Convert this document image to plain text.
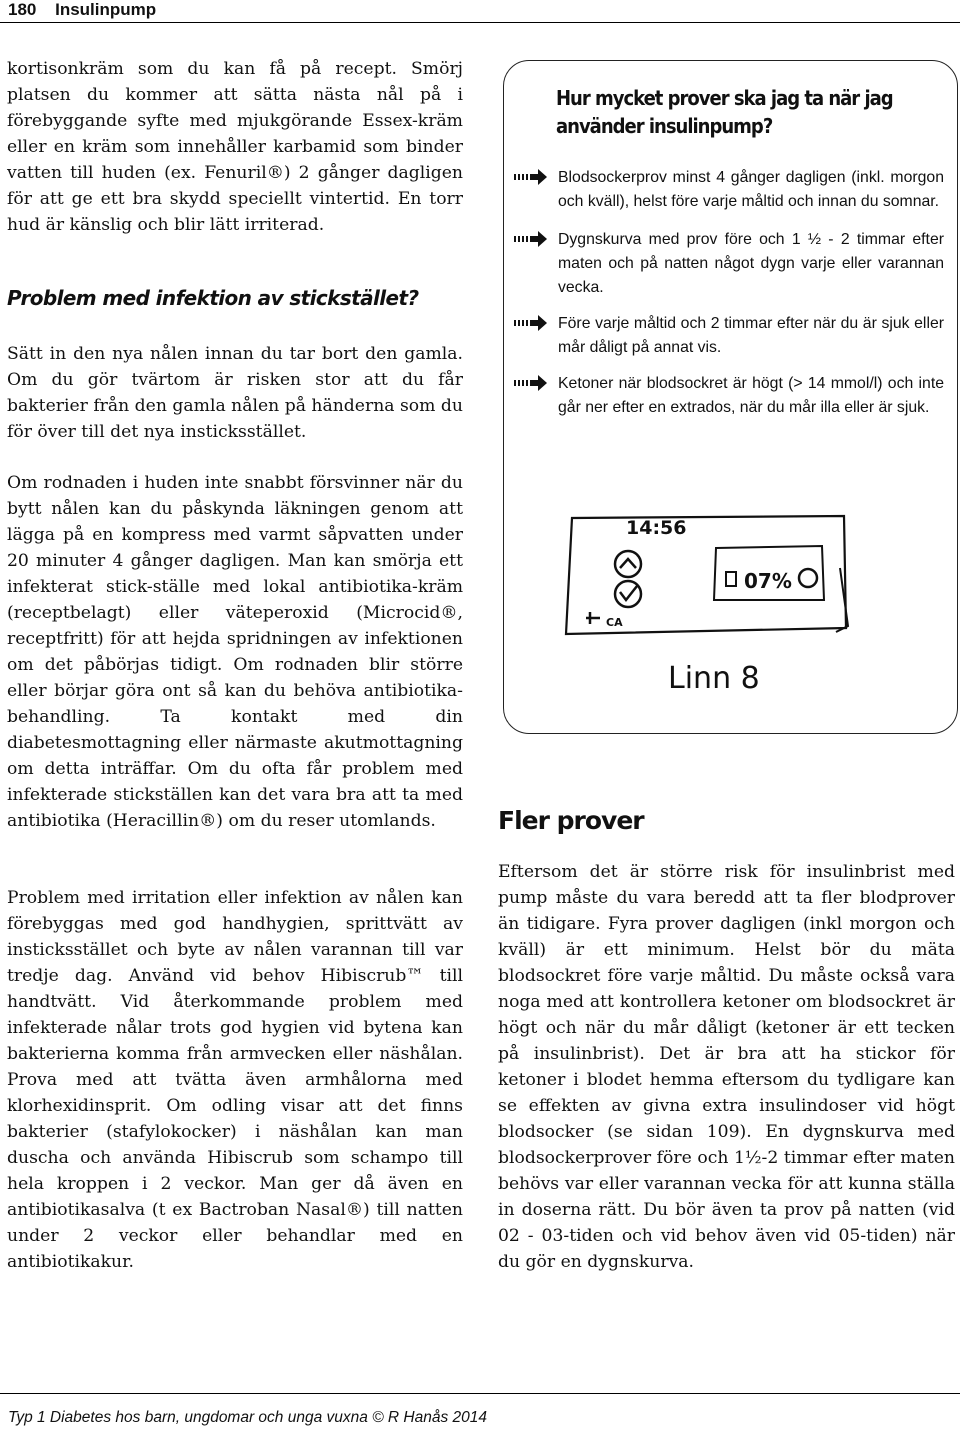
180 Insulinpump

kortisonkräm som du kan få på recept. Smörj platsen du kommer att sätta nästa nål på i förebyggande syfte med mjukgörande Essex-kräm eller en kräm som innehåller karbamid som binder vatten till huden (ex. Fenuril®) 2 gånger dagligen för att ge ett bra skydd speciellt vintertid. En torr hud är känslig och blir lätt irriterad.

Problem med infektion av stickstället?

Sätt in den nya nålen innan du tar bort den gamla. Om du gör tvärtom är risken stor att du får bakterier från den gamla nålen på händerna som du för över till det nya insticksstället.

Om rodnaden i huden inte snabbt försvinner när du bytt nålen kan du påskynda läkningen genom att lägga på en kompress med varmt såpvatten under 20 minuter 4 gånger dagligen. Man kan smörja ett infekterat stick-ställe med lokal antibiotika-kräm (receptbelagt) eller väteperoxid (Microcid®, receptfritt) för att hejda spridningen av infektionen om det påbörjas tidigt. Om rodnaden blir större eller börjar göra ont så kan du behöva antibiotika-behandling. Ta kontakt med din diabetesmottagning eller närmaste akutmottagning om detta inträffar. Om du ofta får problem med infekterade stickställen kan det vara bra att ta med antibiotika (Heracillin®) om du reser utomlands.

Problem med irritation eller infektion av nålen kan förebyggas med god handhygien, sprittvätt av insticksstället och byte av nålen varannan till var tredje dag. Använd vid behov Hibiscrub™ till handtvätt. Vid återkommande problem med infekterade nålar trots god hygien vid bytena kan bakterierna komma från armvecken eller näshålan. Prova med att tvätta även armhålorna med klorhexidinsprit. Om odling visar att det finns bakterier (stafylokocker) i näshålan kan man duscha och använda Hibiscrub som schampo till hela kroppen i 2 veckor. Man ger då även en antibiotikasalva (t ex Bactroban Nasal®) till natten under 2 veckor eller behandlar med en antibiotikakur.

Hur mycket prover ska jag ta när jag använder insulinpump?
Blodsockerprov minst 4 gånger dagligen (inkl. morgon och kväll), helst före varje måltid och innan du somnar.
Dygnskurva med prov före och 1 ½ - 2 timmar efter maten och på natten något dygn varje eller varannan vecka.
Före varje måltid och 2 timmar efter när du är sjuk eller mår dåligt på annat vis.
Ketoner när blodsockret är högt (> 14 mmol/l) och inte går ner efter en extrados, när du mår illa eller är sjuk.
14:56
CA
07%
Linn 8
Fler prover

Eftersom det är större risk för insulinbrist med pump måste du vara beredd att ta fler blodprover än tidigare. Fyra prover dagligen (inkl morgon och kväll) är ett minimum. Helst bör du mäta blodsockret före varje måltid. Du måste också vara noga med att kontrollera ketoner om blodsockret är högt och när du mår dåligt (ketoner är ett tecken på insulinbrist). Det är bra att ha stickor för ketoner i blodet hemma eftersom du tydligare kan se effekten av givna extra insulindoser vid högt blodsocker (se sidan 109). En dygnskurva med blodsockerprover före och 1½-2 timmar efter maten behövs var eller varannan vecka för att kunna ställa in doserna rätt. Du bör även ta prov på natten (vid 02 - 03-tiden och vid behov även vid 05-tiden) när du gör en dygnskurva.

Typ 1 Diabetes hos barn, ungdomar och unga vuxna © R Hanås 2014
